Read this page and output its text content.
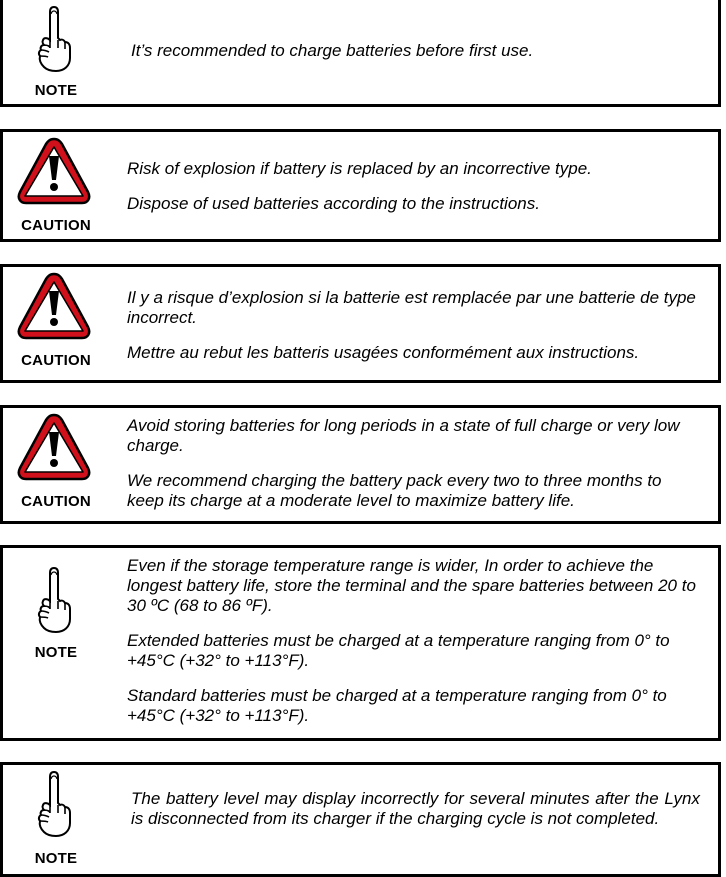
NOTE

It’s recommended to charge batteries before first use.

CAUTION

Risk of explosion if battery is replaced by an incorrective type.

Dispose of used batteries according to the instructions.

CAUTION

Il y a risque d’explosion si la batterie est remplacée par une batterie de type incorrect.

Mettre au rebut les batteris usagées conformément aux instructions.

CAUTION

Avoid storing batteries for long periods in a state of full charge or very low charge.

We recommend charging the battery pack every two to three months to keep its charge at a moderate level to maximize battery life.

NOTE

Even if the storage temperature range is wider, In order to achieve the longest battery life, store the terminal and the spare batteries between 20 to 30 ºC (68 to 86 ºF).

Extended batteries must be charged at a temperature ranging from 0° to +45°C (+32° to +113°F).

Standard batteries must be charged at a temperature ranging from 0° to +45°C (+32° to +113°F).

NOTE

The battery level may display incorrectly for several minutes after the Lynx is disconnected from its charger if the charging cycle is not completed.
